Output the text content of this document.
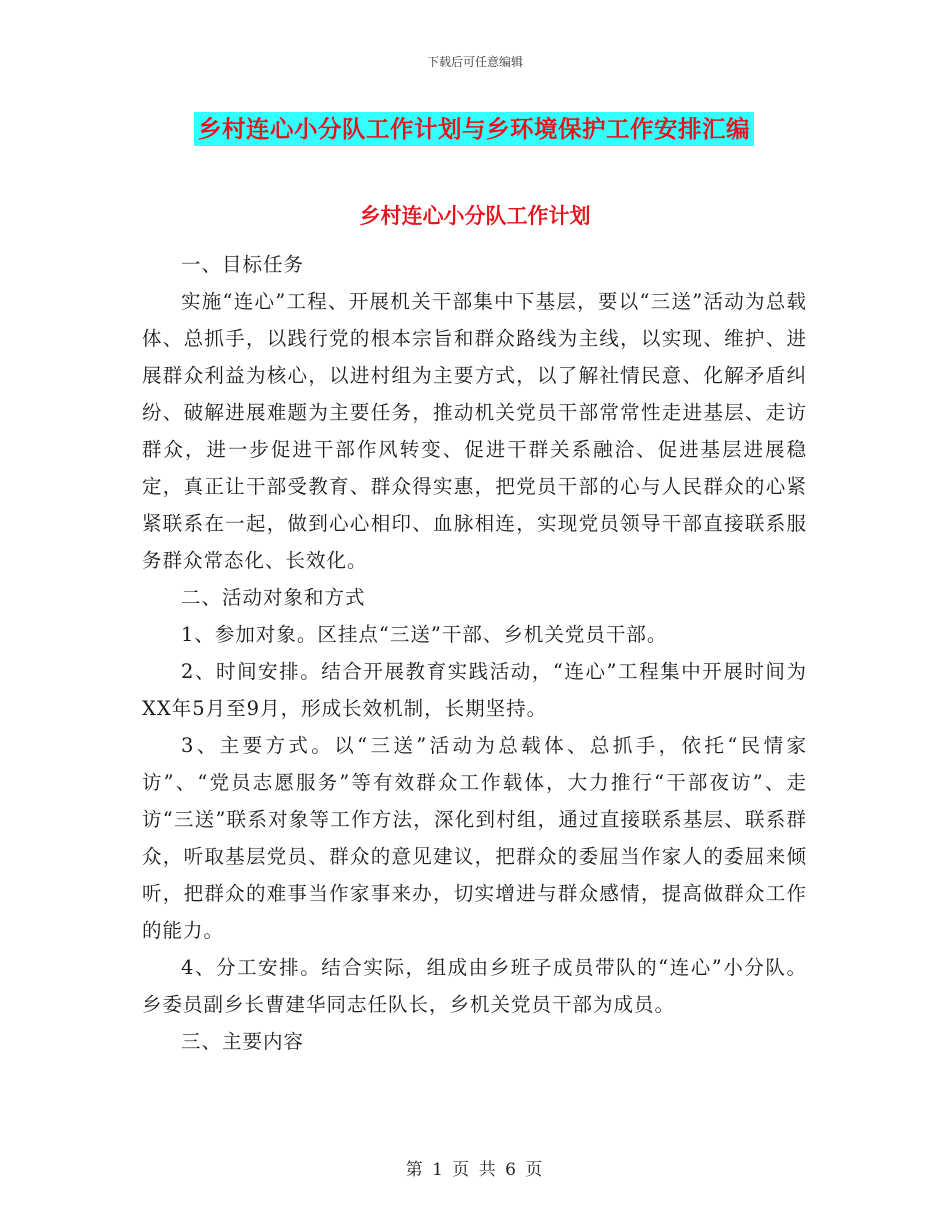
下载后可任意编辑
乡村连心小分队工作计划与乡环境保护工作安排汇编
乡村连心小分队工作计划

一、目标任务

实施“连心”工程、开展机关干部集中下基层，要以“三送”活动为总载体、总抓手，以践行党的根本宗旨和群众路线为主线，以实现、维护、进展群众利益为核心，以进村组为主要方式，以了解社情民意、化解矛盾纠纷、破解进展难题为主要任务，推动机关党员干部常常性走进基层、走访群众，进一步促进干部作风转变、促进干群关系融洽、促进基层进展稳定，真正让干部受教育、群众得实惠，把党员干部的心与人民群众的心紧紧联系在一起，做到心心相印、血脉相连，实现党员领导干部直接联系服务群众常态化、长效化。

二、活动对象和方式

1、参加对象。区挂点“三送”干部、乡机关党员干部。

2、时间安排。结合开展教育实践活动，“连心”工程集中开展时间为XX年5月至9月，形成长效机制，长期坚持。

3、主要方式。以“三送”活动为总载体、总抓手，依托“民情家访”、“党员志愿服务”等有效群众工作载体，大力推行“干部夜访”、走访“三送”联系对象等工作方法，深化到村组，通过直接联系基层、联系群众，听取基层党员、群众的意见建议，把群众的委屈当作家人的委屈来倾听，把群众的难事当作家事来办，切实增进与群众感情，提高做群众工作的能力。

4、分工安排。结合实际，组成由乡班子成员带队的“连心”小分队。乡委员副乡长曹建华同志任队长，乡机关党员干部为成员。

三、主要内容

第 1 页 共 6 页
